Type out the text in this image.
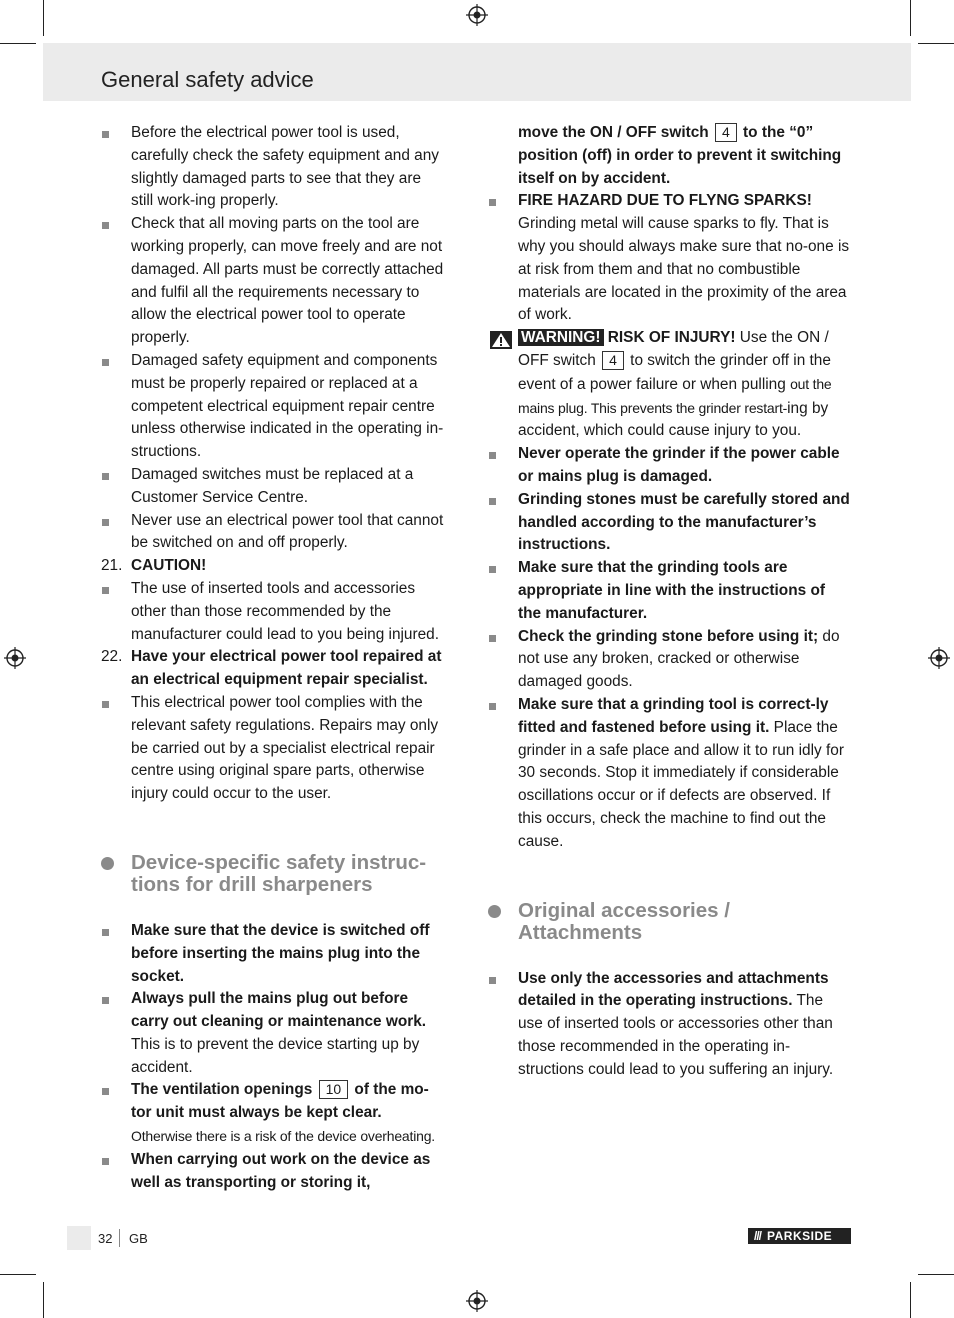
General safety advice

Before the electrical power tool is used, carefully check the safety equipment and any slightly damaged parts to see that they are still work-ing properly.

Check that all moving parts on the tool are working properly, can move freely and are not damaged. All parts must be correctly attached and fulfil all the requirements necessary to allow the electrical power tool to operate properly.

Damaged safety equipment and components must be properly repaired or replaced at a competent electrical equipment repair centre unless otherwise indicated in the operating in-structions.

Damaged switches must be replaced at a Customer Service Centre.

Never use an electrical power tool that cannot be switched on and off properly.

21. CAUTION!

The use of inserted tools and accessories other than those recommended by the manufacturer could lead to you being injured.

22. Have your electrical power tool repaired at an electrical equipment repair specialist.

This electrical power tool complies with the relevant safety regulations. Repairs may only be carried out by a specialist electrical repair centre using original spare parts, otherwise injury could occur to the user.

Device-specific safety instruc-tions for drill sharpeners

Make sure that the device is switched off before inserting the mains plug into the socket.

Always pull the mains plug out before carry out cleaning or maintenance work. This is to prevent the device starting up by accident.

The ventilation openings 10 of the mo-tor unit must always be kept clear.
Otherwise there is a risk of the device overheating.

When carrying out work on the device as well as transporting or storing it,

move the ON / OFF switch 4 to the “0” position (off) in order to prevent it switching itself on by accident.

FIRE HAZARD DUE TO FLYNG SPARKS!
Grinding metal will cause sparks to fly. That is why you should always make sure that no-one is at risk from them and that no combustible materials are located in the proximity of the area of work.

WARNING! RISK OF INJURY! Use the ON / OFF switch 4 to switch the grinder off in the event of a power failure or when pulling out the mains plug. This prevents the grinder restart-ing by accident, which could cause injury to you.

Never operate the grinder if the power cable or mains plug is damaged.

Grinding stones must be carefully stored and handled according to the manufacturer’s instructions.

Make sure that the grinding tools are appropriate in line with the instructions of the manufacturer.

Check the grinding stone before using it; do not use any broken, cracked or otherwise damaged goods.

Make sure that a grinding tool is correct-ly fitted and fastened before using it. Place the grinder in a safe place and allow it to run idly for 30 seconds. Stop it immediately if considerable oscillations occur or if defects are observed. If this occurs, check the machine to find out the cause.

Original accessories / Attachments

Use only the accessories and attachments detailed in the operating instructions. The use of inserted tools or accessories other than those recommended in the operating in-structions could lead to you suffering an injury.

32 GB	/// PARKSIDE
